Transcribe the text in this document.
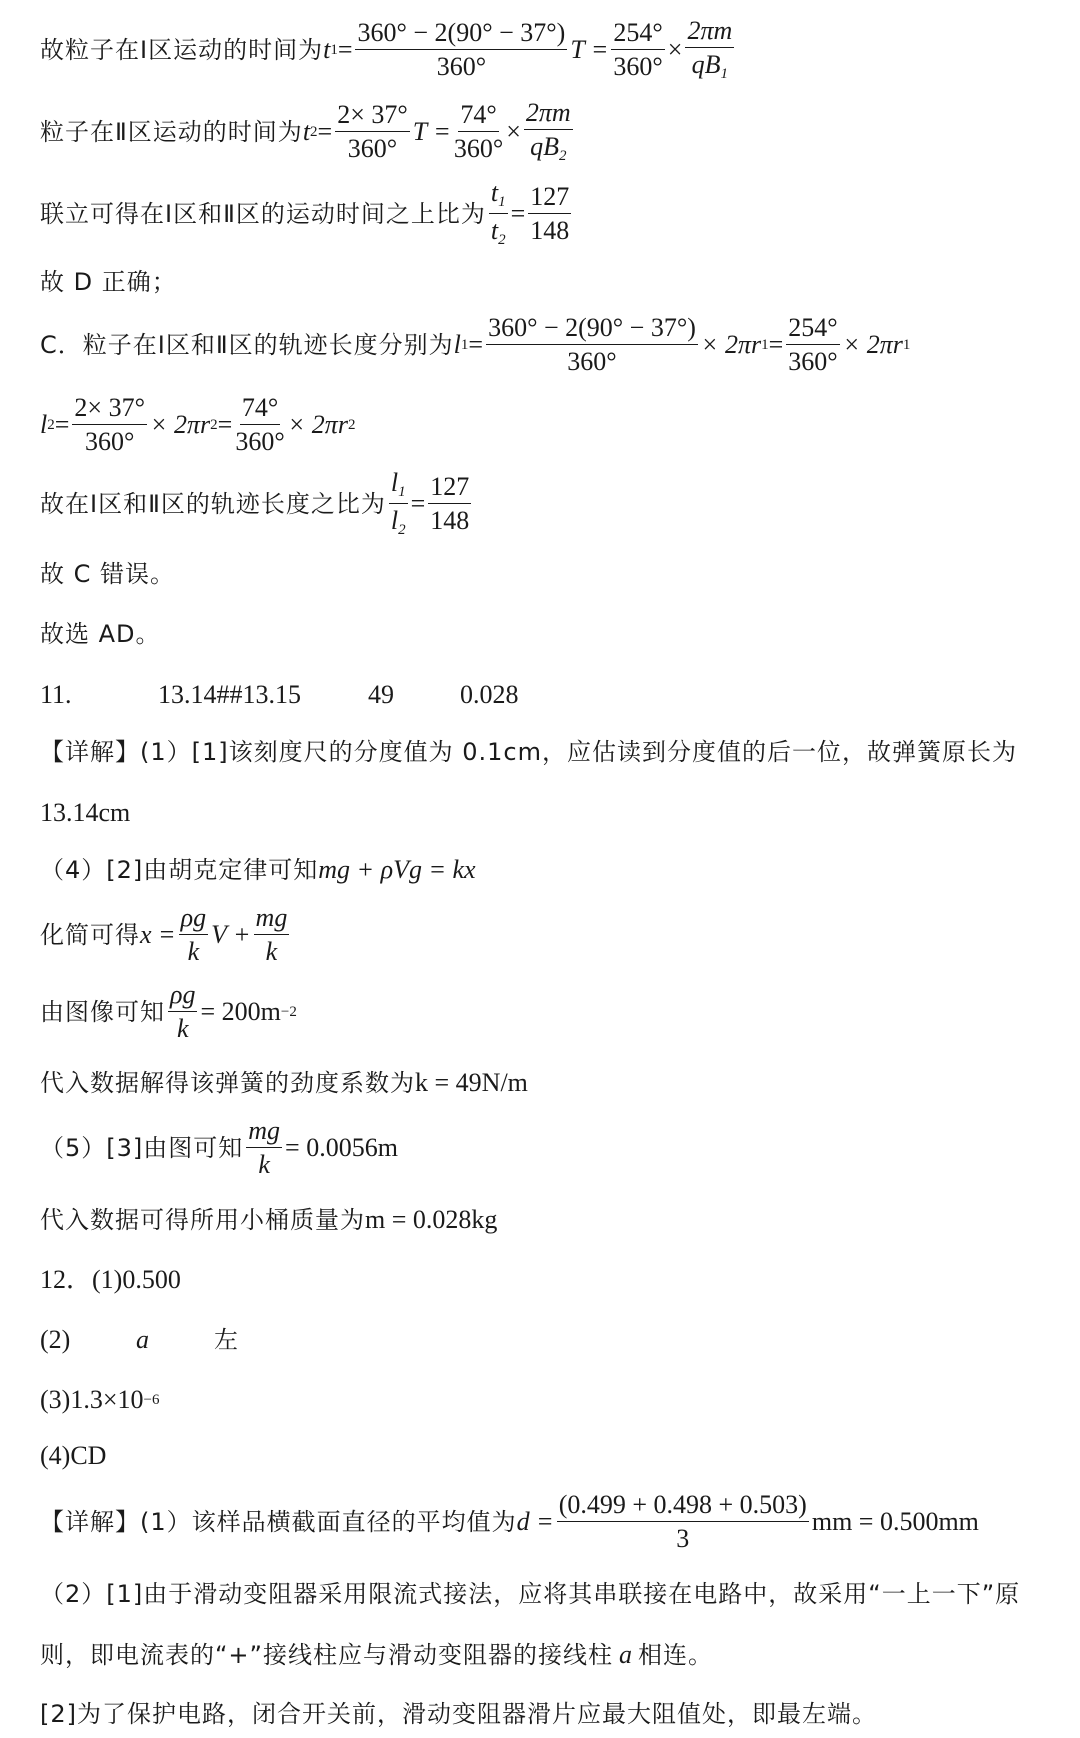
故粒子在Ⅰ区运动的时间为 t $1 = \frac{360^\circ - 2(90^\circ - 37^\circ)}{360^\circ}$ $T = \frac{254^\circ}{360^\circ} \times \frac{2\pi m}{qB_1}$
粒子在Ⅱ区运动的时间为 t $2 = \frac{2\times 37^\circ}{360^\circ}$ $T = \frac{74^\circ}{360^\circ} \times \frac{2\pi m}{qB_2}$
联立可得在Ⅰ区和Ⅱ区的运动时间之上比为 $\frac{t_1}{t_2} = \frac{127}{148}$
故 D 正确；
C．粒子在Ⅰ区和Ⅱ区的轨迹长度分别为 l $1 = \frac{360^\circ - 2(90^\circ - 37^\circ)}{360^\circ} \times 2\pi r$ $1 = \frac{254^\circ}{360^\circ} \times 2\pi r$ 1
l $2 = \frac{2\times 37^\circ}{360^\circ} \times 2\pi r$ $2 = \frac{74^\circ}{360^\circ} \times 2\pi r$ 2
故在Ⅰ区和Ⅱ区的轨迹长度之比为 $\frac{l_1}{l_2} = \frac{127}{148}$
故 C 错误。
故选 AD。
11.	13.14##13.15	49	0.028
【详解】(1）[1]该刻度尺的分度值为 0.1cm，应估读到分度值的后一位，故弹簧原长为
13.14cm
（4）[2]由胡克定律可知 mg + ρVg = kx
化简可得 $x = \frac{\rho g}{k}$ $V + \frac{mg}{k}$
由图像可知 $\frac{\rho g}{k} = 200m -2$
代入数据解得该弹簧的劲度系数为 k = 49N/m
（5）[3]由图可知 $\frac{mg}{k} = 0.0056m$
代入数据可得所用小桶质量为 m = 0.028kg
12．(1)0.500
(2)	a	左
(3)1.3×10 −6
(4)CD
【详解】(1）该样品横截面直径的平均值为 $d = \frac{(0.499 + 0.498 + 0.503)}{3}$ mm = 0.500mm
（2）[1]由于滑动变阻器采用限流式接法，应将其串联接在电路中，故采用“一上一下”原
则，即电流表的“+”接线柱应与滑动变阻器的接线柱 a 相连。
[2]为了保护电路，闭合开关前，滑动变阻器滑片应最大阻值处，即最左端。
